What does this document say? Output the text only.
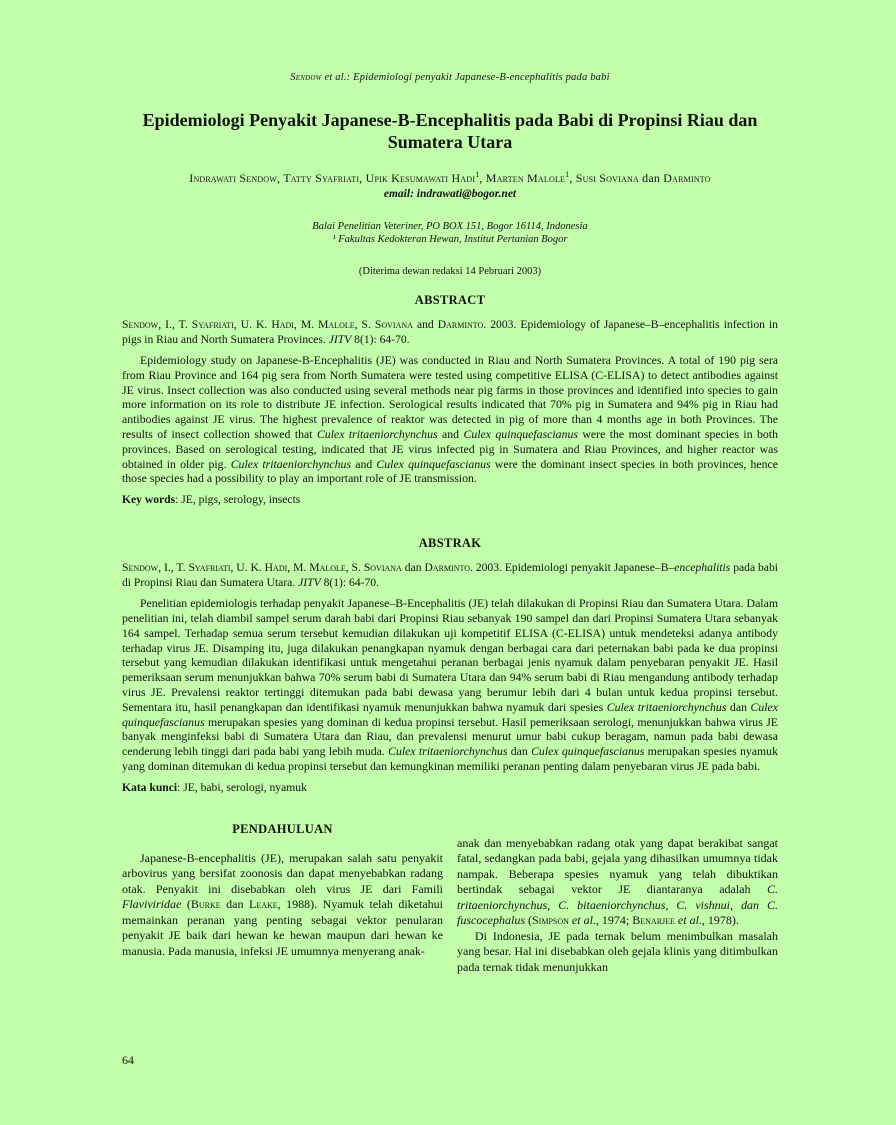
Sendow et al.: Epidemiologi penyakit Japanese-B-encephalitis pada babi
Epidemiologi Penyakit Japanese-B-Encephalitis pada Babi di Propinsi Riau dan Sumatera Utara
Indrawati Sendow, Tatty Syafriati, Upik Kesumawati Hadi$^1$, Marten Malole$^1$, Susi Soviana dan Darminto
email: indrawati@bogor.net
Balai Penelitian Veteriner, PO BOX 151, Bogor 16114, Indonesia
¹ Fakultas Kedokteran Hewan, Institut Pertanian Bogor
(Diterima dewan redaksi 14 Pebruari 2003)
ABSTRACT

Sendow, I., T. Syafriati, U. K. Hadi, M. Malole, S. Soviana and Darminto. 2003. Epidemiology of Japanese–B–encephalitis infection in pigs in Riau and North Sumatera Provinces. JITV 8(1): 64-70.

Epidemiology study on Japanese-B-Encephalitis (JE) was conducted in Riau and North Sumatera Provinces. A total of 190 pig sera from Riau Province and 164 pig sera from North Sumatera were tested using competitive ELISA (C-ELISA) to detect antibodies against JE virus. Insect collection was also conducted using several methods near pig farms in those provinces and identified into species to gain more information on its role to distribute JE infection. Serological results indicated that 70% pig in Sumatera and 94% pig in Riau had antibodies against JE virus. The highest prevalence of reaktor was detected in pig of more than 4 months age in both Provinces. The results of insect collection showed that Culex tritaeniorchynchus and Culex quinquefascianus were the most dominant species in both provinces. Based on serological testing, indicated that JE virus infected pig in Sumatera and Riau Provinces, and higher reactor was obtained in older pig. Culex tritaeniorchynchus and Culex quinquefascianus were the dominant insect species in both provinces, hence those species had a possibility to play an important role of JE transmission.

Key words: JE, pigs, serology, insects

ABSTRAK

Sendow, I., T. Syafriati, U. K. Hadi, M. Malole, S. Soviana dan Darminto. 2003. Epidemiologi penyakit Japanese–B–encephalitis pada babi di Propinsi Riau dan Sumatera Utara. JITV 8(1): 64-70.

Penelitian epidemiologis terhadap penyakit Japanese–B-Encephalitis (JE) telah dilakukan di Propinsi Riau dan Sumatera Utara. Dalam penelitian ini, telah diambil sampel serum darah babi dari Propinsi Riau sebanyak 190 sampel dan dari Propinsi Sumatera Utara sebanyak 164 sampel. Terhadap semua serum tersebut kemudian dilakukan uji kompetitif ELISA (C-ELISA) untuk mendeteksi adanya antibody terhadap virus JE. Disamping itu, juga dilakukan penangkapan nyamuk dengan berbagai cara dari peternakan babi pada ke dua propinsi tersebut yang kemudian dilakukan identifikasi untuk mengetahui peranan berbagai jenis nyamuk dalam penyebaran penyakit JE. Hasil pemeriksaan serum menunjukkan bahwa 70% serum babi di Sumatera Utara dan 94% serum babi di Riau mengandung antibody terhadap virus JE. Prevalensi reaktor tertinggi ditemukan pada babi dewasa yang berumur lebih dari 4 bulan untuk kedua propinsi tersebut. Sementara itu, hasil penangkapan dan identifikasi nyamuk menunjukkan bahwa nyamuk dari spesies Culex tritaeniorchynchus dan Culex quinquefascianus merupakan spesies yang dominan di kedua propinsi tersebut. Hasil pemeriksaan serologi, menunjukkan bahwa virus JE banyak menginfeksi babi di Sumatera Utara dan Riau, dan prevalensi menurut umur babi cukup beragam, namun pada babi dewasa cenderung lebih tinggi dari pada babi yang lebih muda. Culex tritaeniorchynchus dan Culex quinquefascianus merupakan spesies nyamuk yang dominan ditemukan di kedua propinsi tersebut dan kemungkinan memiliki peranan penting dalam penyebaran virus JE pada babi.

Kata kunci: JE, babi, serologi, nyamuk

PENDAHULUAN

Japanese-B-encephalitis (JE), merupakan salah satu penyakit arbovirus yang bersifat zoonosis dan dapat menyebabkan radang otak. Penyakit ini disebabkan oleh virus JE dari Famili Flaviviridae (Burke dan Leake, 1988). Nyamuk telah diketahui memainkan peranan yang penting sebagai vektor penularan penyakit JE baik dari hewan ke hewan maupun dari hewan ke manusia. Pada manusia, infeksi JE umumnya menyerang anak-

anak dan menyebabkan radang otak yang dapat berakibat sangat fatal, sedangkan pada babi, gejala yang dihasilkan umumnya tidak nampak. Beberapa spesies nyamuk yang telah dibuktikan bertindak sebagai vektor JE diantaranya adalah C. tritaeniorchynchus, C. bitaeniorchynchus, C. vishnui, dan C. fuscocephalus (Simpson et al., 1974; Benarjee et al., 1978).

Di Indonesia, JE pada ternak belum menimbulkan masalah yang besar. Hal ini disebabkan oleh gejala klinis yang ditimbulkan pada ternak tidak menunjukkan

64
